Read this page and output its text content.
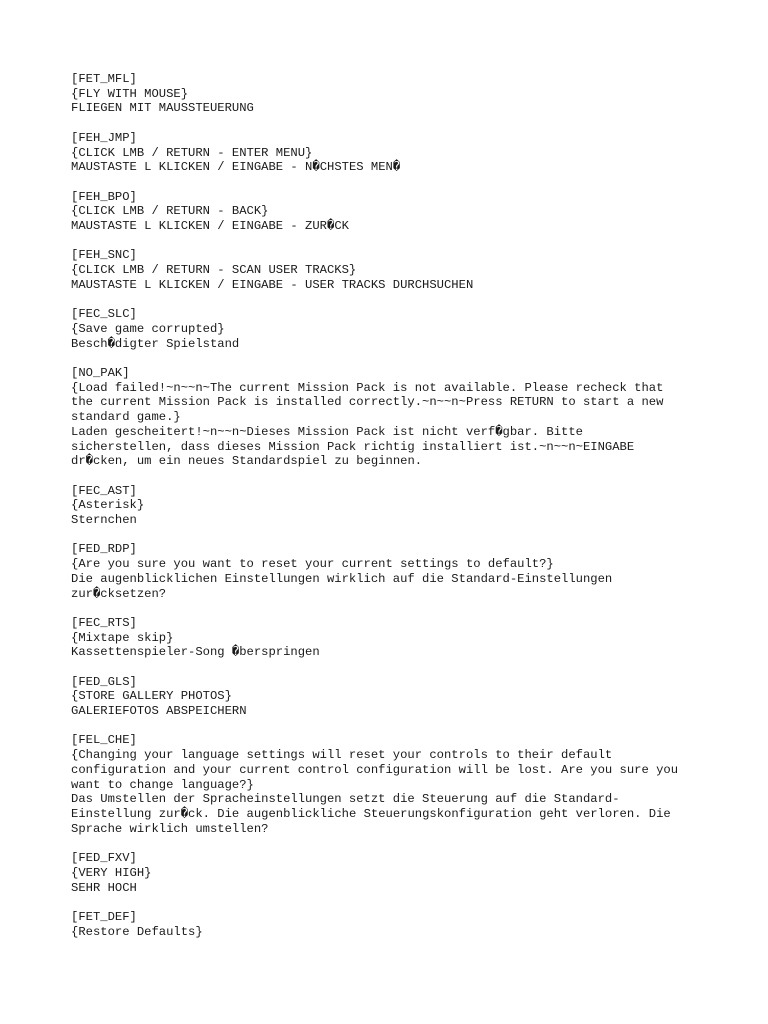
[FET_MFL]
{FLY WITH MOUSE}
FLIEGEN MIT MAUSSTEUERUNG
[FEH_JMP]
{CLICK LMB / RETURN - ENTER MENU}
MAUSTASTE L KLICKEN / EINGABE - N�CHSTES MEN�
[FEH_BPO]
{CLICK LMB / RETURN - BACK}
MAUSTASTE L KLICKEN / EINGABE - ZUR�CK
[FEH_SNC]
{CLICK LMB / RETURN - SCAN USER TRACKS}
MAUSTASTE L KLICKEN / EINGABE - USER TRACKS DURCHSUCHEN
[FEC_SLC]
{Save game corrupted}
Besch�digter Spielstand
[NO_PAK]
{Load failed!~n~~n~The current Mission Pack is not available. Please recheck that
the current Mission Pack is installed correctly.~n~~n~Press RETURN to start a new
standard game.}
Laden gescheitert!~n~~n~Dieses Mission Pack ist nicht verf�gbar. Bitte
sicherstellen, dass dieses Mission Pack richtig installiert ist.~n~~n~EINGABE
dr�cken, um ein neues Standardspiel zu beginnen.
[FEC_AST]
{Asterisk}
Sternchen
[FED_RDP]
{Are you sure you want to reset your current settings to default?}
Die augenblicklichen Einstellungen wirklich auf die Standard-Einstellungen
zur�cksetzen?
[FEC_RTS]
{Mixtape skip}
Kassettenspieler-Song �berspringen
[FED_GLS]
{STORE GALLERY PHOTOS}
GALERIEFOTOS ABSPEICHERN
[FEL_CHE]
{Changing your language settings will reset your controls to their default
configuration and your current control configuration will be lost. Are you sure you
want to change language?}
Das Umstellen der Spracheinstellungen setzt die Steuerung auf die Standard-
Einstellung zur�ck. Die augenblickliche Steuerungskonfiguration geht verloren. Die
Sprache wirklich umstellen?
[FED_FXV]
{VERY HIGH}
SEHR HOCH
[FET_DEF]
{Restore Defaults}
